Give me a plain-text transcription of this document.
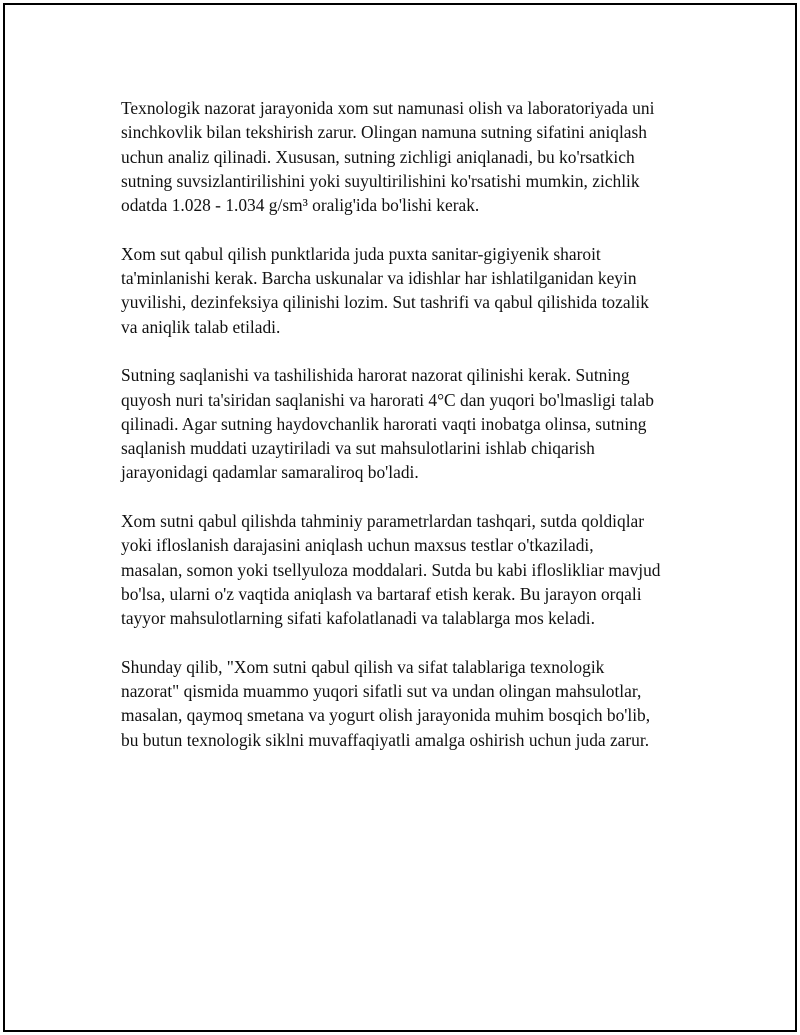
Texnologik nazorat jarayonida xom sut namunasi olish va laboratoriyada uni
sinchkovlik bilan tekshirish zarur. Olingan namuna sutning sifatini aniqlash
uchun analiz qilinadi. Xususan, sutning zichligi aniqlanadi, bu ko'rsatkich
sutning suvsizlantirilishini yoki suyultirilishini ko'rsatishi mumkin, zichlik
odatda 1.028 - 1.034 g/sm³ oralig'ida bo'lishi kerak.

Xom sut qabul qilish punktlarida juda puxta sanitar-gigiyenik sharoit
ta'minlanishi kerak. Barcha uskunalar va idishlar har ishlatilganidan keyin
yuvilishi, dezinfeksiya qilinishi lozim. Sut tashrifi va qabul qilishida tozalik
va aniqlik talab etiladi.

Sutning saqlanishi va tashilishida harorat nazorat qilinishi kerak. Sutning
quyosh nuri ta'siridan saqlanishi va harorati 4°C dan yuqori bo'lmasligi talab
qilinadi. Agar sutning haydovchanlik harorati vaqti inobatga olinsa, sutning
saqlanish muddati uzaytiriladi va sut mahsulotlarini ishlab chiqarish
jarayonidagi qadamlar samaraliroq bo'ladi.

Xom sutni qabul qilishda tahminiy parametrlardan tashqari, sutda qoldiqlar
yoki ifloslanish darajasini aniqlash uchun maxsus testlar o'tkaziladi,
masalan, somon yoki tsellyuloza moddalari. Sutda bu kabi ifloslikliar mavjud
bo'lsa, ularni o'z vaqtida aniqlash va bartaraf etish kerak. Bu jarayon orqali
tayyor mahsulotlarning sifati kafolatlanadi va talablarga mos keladi.

Shunday qilib, "Xom sutni qabul qilish va sifat talablariga texnologik
nazorat" qismida muammo yuqori sifatli sut va undan olingan mahsulotlar,
masalan, qaymoq smetana va yogurt olish jarayonida muhim bosqich bo'lib,
bu butun texnologik siklni muvaffaqiyatli amalga oshirish uchun juda zarur.
